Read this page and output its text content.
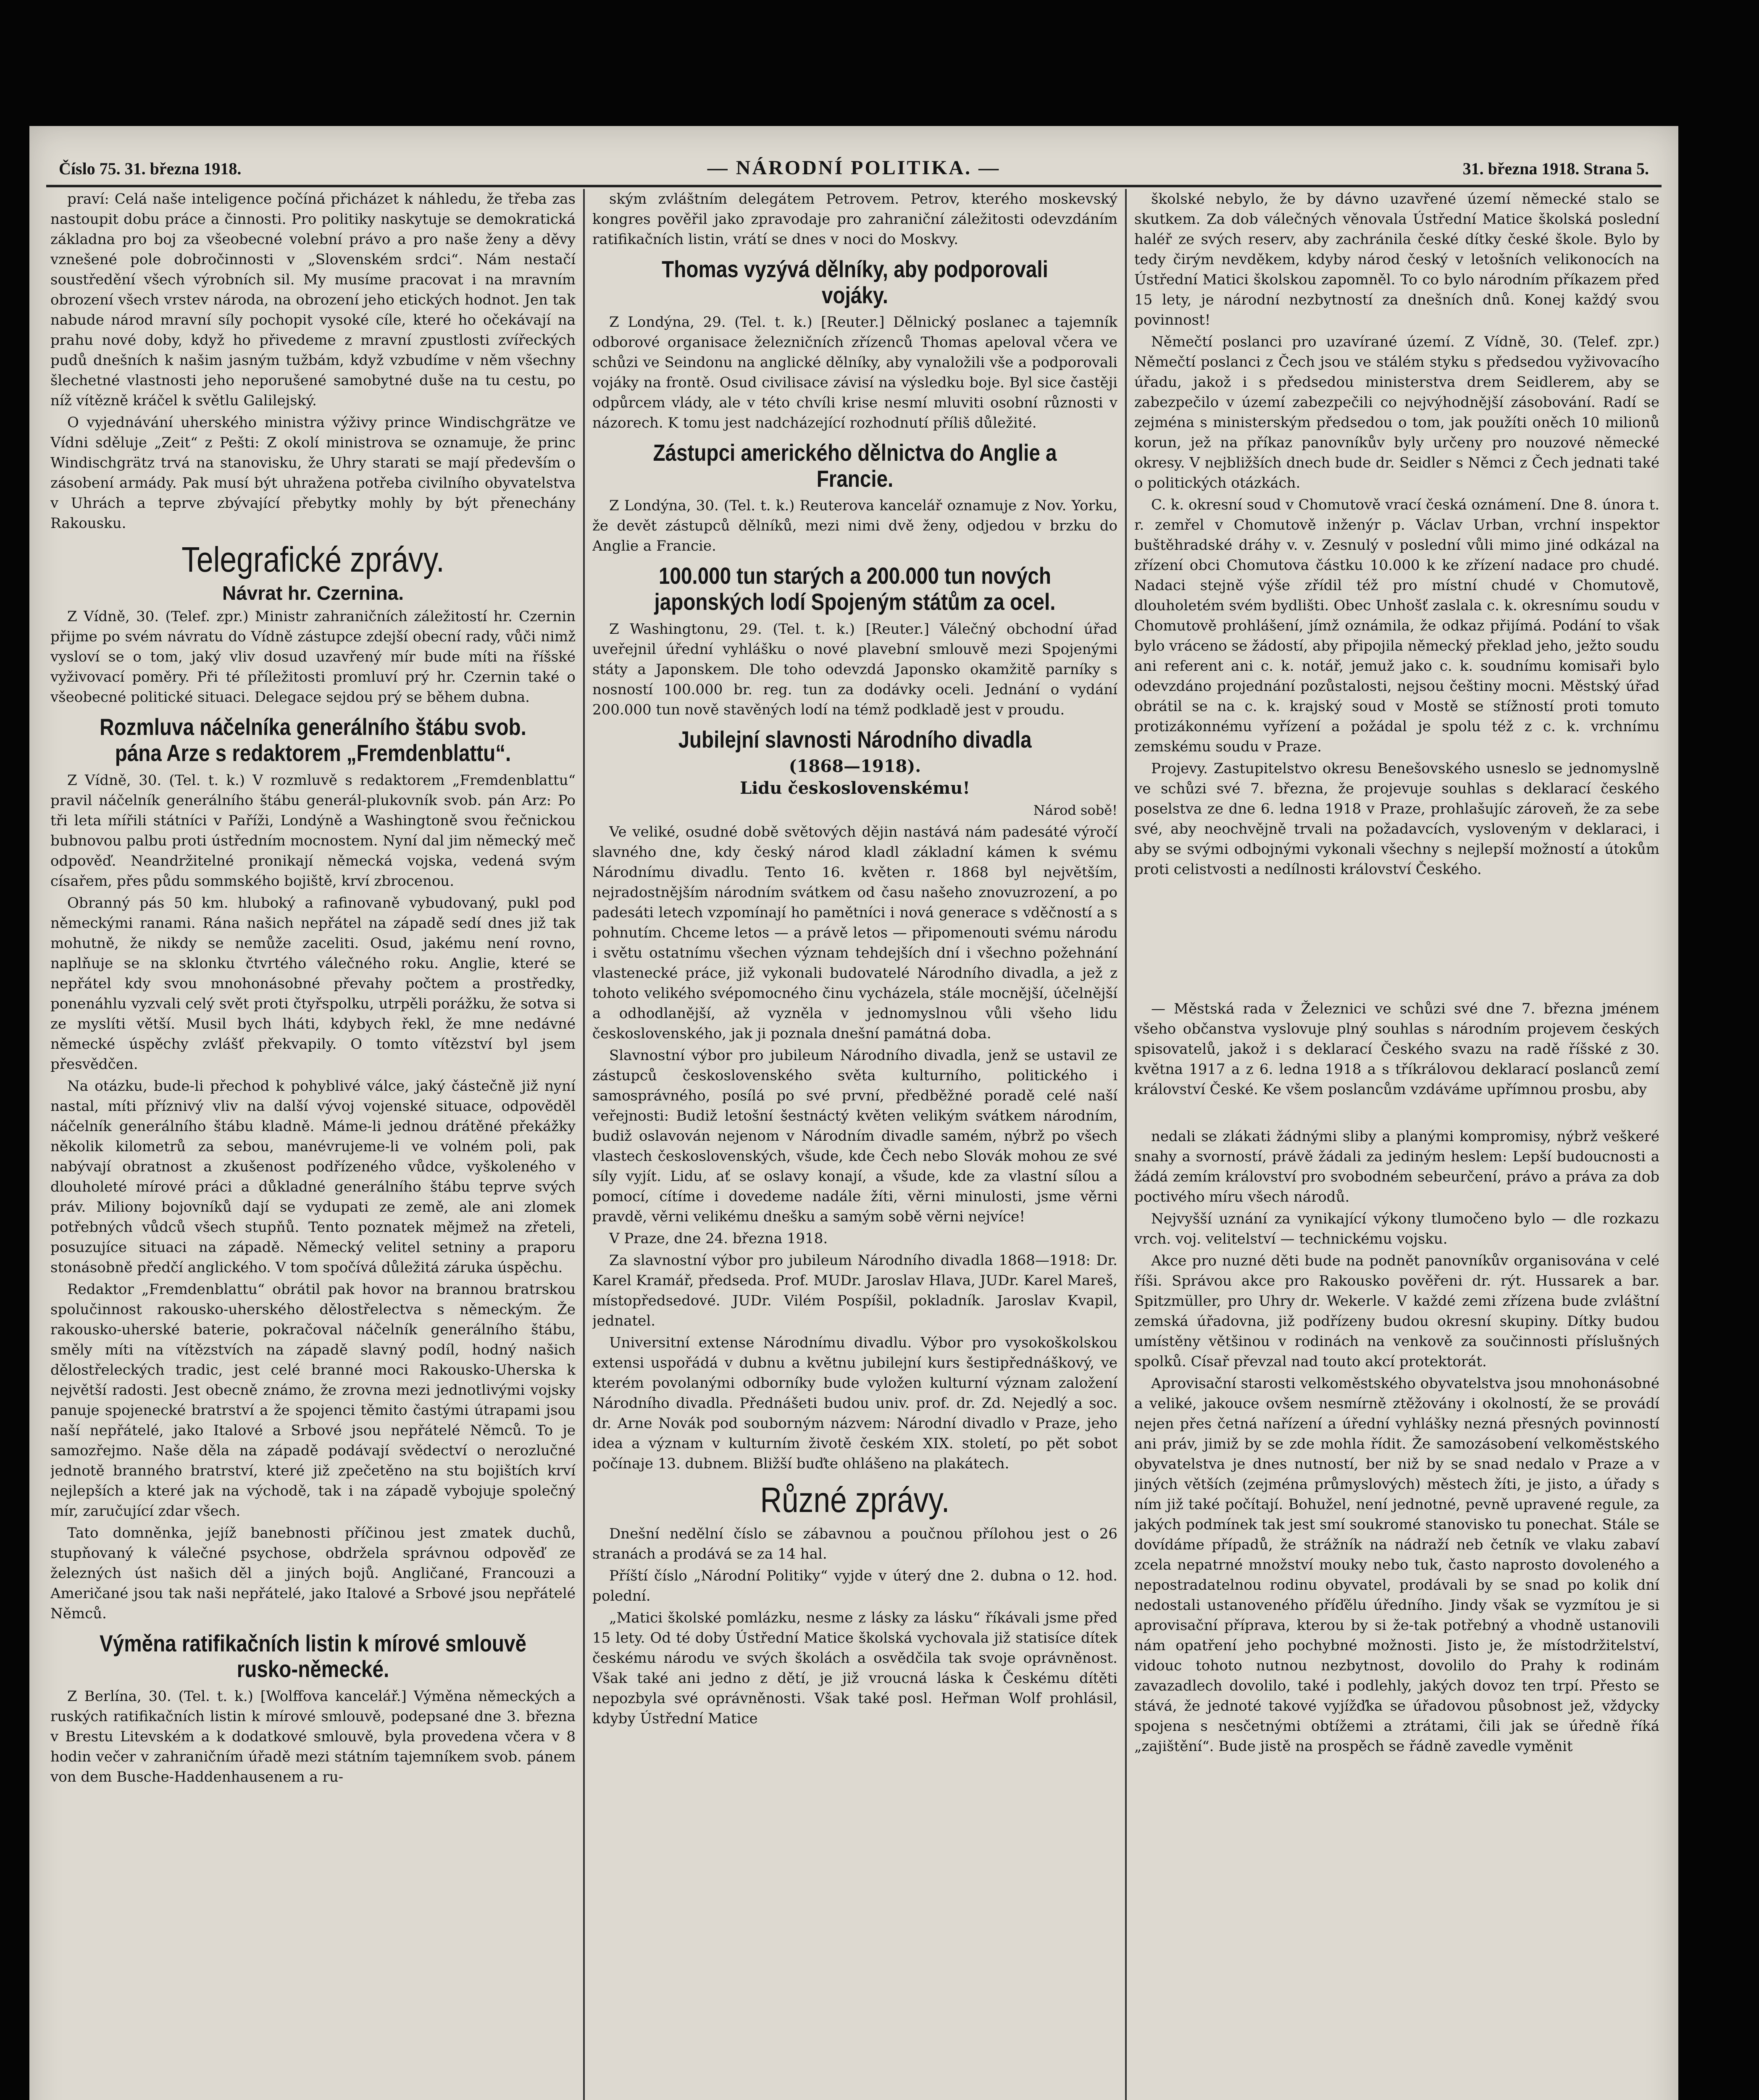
Číslo 75. 31. března 1918.	— NÁRODNÍ POLITIKA. —	31. března 1918. Strana 5.

praví: Celá naše inteligence počíná přicházet k náhledu, že třeba zas nastoupit dobu práce a činnosti. Pro politiky naskytuje se demokratická základna pro boj za všeobecné volební právo a pro naše ženy a děvy vznešené pole dobročinnosti v „Slovenském srdci“. Nám nestačí soustředění všech výrobních sil. My musíme pracovat i na mravním obrození všech vrstev národa, na obrození jeho etických hodnot. Jen tak nabude národ mravní síly pochopit vysoké cíle, které ho očekávají na prahu nové doby, když ho přivedeme z mravní zpustlosti zvířeckých pudů dnešních k našim jasným tužbám, když vzbudíme v něm všechny šlechetné vlastnosti jeho neporušené samobytné duše na tu cestu, po níž vítězně kráčel k světlu Galilejský.

O vyjednávání uherského ministra výživy prince Windischgrätze ve Vídni sděluje „Zeit“ z Pešti: Z okolí ministrova se oznamuje, že princ Windischgrätz trvá na stanovisku, že Uhry starati se mají především o zásobení armády. Pak musí být uhražena potřeba civilního obyvatelstva v Uhrách a teprve zbývající přebytky mohly by být přenechány Rakousku.

Telegrafické zprávy.
Návrat hr. Czernina.

Z Vídně, 30. (Telef. zpr.) Ministr zahraničních záležitostí hr. Czernin přijme po svém návratu do Vídně zástupce zdejší obecní rady, vůči nimž vysloví se o tom, jaký vliv dosud uzavřený mír bude míti na říšské vyživovací poměry. Při té příležitosti promluví prý hr. Czernin také o všeobecné politické situaci. Delegace sejdou prý se během dubna.

Rozmluva náčelníka generálního štábu svob. pána Arze s redaktorem „Fremdenblattu“.

Z Vídně, 30. (Tel. t. k.) V rozmluvě s redaktorem „Fremdenblattu“ pravil náčelník generálního štábu generál-plukovník svob. pán Arz: Po tři leta mířili státníci v Paříži, Londýně a Washingtoně svou řečnickou bubnovou palbu proti ústředním mocnostem. Nyní dal jim německý meč odpověď. Neandržitelné pronikají německá vojska, vedená svým císařem, přes půdu sommského bojiště, krví zbrocenou.

Obranný pás 50 km. hluboký a rafinovaně vybudovaný, pukl pod německými ranami. Rána našich nepřátel na západě sedí dnes již tak mohutně, že nikdy se nemůže zaceliti. Osud, jakému není rovno, naplňuje se na sklonku čtvrtého válečného roku. Anglie, které se nepřátel kdy svou mnohonásobné převahy počtem a prostředky, ponenáhlu vyzvali celý svět proti čtyřspolku, utrpěli porážku, že sotva si ze myslíti větší. Musil bych lháti, kdybych řekl, že mne nedávné německé úspěchy zvlášť překvapily. O tomto vítězství byl jsem přesvědčen.

Na otázku, bude-li přechod k pohyblivé válce, jaký částečně již nyní nastal, míti příznivý vliv na další vývoj vojenské situace, odpověděl náčelník generálního štábu kladně. Máme-li jednou drátěné překážky několik kilometrů za sebou, manévrujeme-li ve volném poli, pak nabývají obratnost a zkušenost podřízeného vůdce, vyškoleného v dlouholeté mírové práci a důkladné generálního štábu teprve svých práv. Miliony bojovníků dají se vydupati ze země, ale ani zlomek potřebných vůdců všech stupňů. Tento poznatek mějmež na zřeteli, posuzujíce situaci na západě. Německý velitel setniny a praporu stonásobně předčí anglického. V tom spočívá důležitá záruka úspěchu.

Redaktor „Fremdenblattu“ obrátil pak hovor na brannou bratrskou spolučinnost rakousko-uherského dělostřelectva s německým. Že rakousko-uherské baterie, pokračoval náčelník generálního štábu, směly míti na vítězstvích na západě slavný podíl, hodný našich dělostřeleckých tradic, jest celé branné moci Rakousko-Uherska k největší radosti. Jest obecně známo, že zrovna mezi jednotlivými vojsky panuje spojenecké bratrství a že spojenci těmito častými útrapami jsou naší nepřátelé, jako Italové a Srbové jsou nepřátelé Němců. To je samozřejmo. Naše děla na západě podávají svědectví o nerozlučné jednotě branného bratrství, které již zpečetěno na stu bojištích krví nejlepších a které jak na východě, tak i na západě vybojuje společný mír, zaručující zdar všech.

Tato domněnka, jejíž banebnosti příčinou jest zmatek duchů, stupňovaný k válečné psychose, obdržela správnou odpověď ze železných úst našich děl a jiných bojů. Angličané, Francouzi a Američané jsou tak naši nepřátelé, jako Italové a Srbové jsou nepřátelé Němců.

Výměna ratifikačních listin k mírové smlouvě rusko-německé.

Z Berlína, 30. (Tel. t. k.) [Wolffova kancelář.] Výměna německých a ruských ratifikačních listin k mírové smlouvě, podepsané dne 3. března v Brestu Litevském a k dodatkové smlouvě, byla provedena včera v 8 hodin večer v zahraničním úřadě mezi státním tajemníkem svob. pánem von dem Busche-Haddenhausenem a ru-

ským zvláštním delegátem Petrovem. Petrov, kterého moskevský kongres pověřil jako zpravodaje pro zahraniční záležitosti odevzdáním ratifikačních listin, vrátí se dnes v noci do Moskvy.

Thomas vyzývá dělníky, aby podporovali vojáky.

Z Londýna, 29. (Tel. t. k.) [Reuter.] Dělnický poslanec a tajemník odborové organisace železničních zřízenců Thomas apeloval včera ve schůzi ve Seindonu na anglické dělníky, aby vynaložili vše a podporovali vojáky na frontě. Osud civilisace závisí na výsledku boje. Byl sice častěji odpůrcem vlády, ale v této chvíli krise nesmí mluviti osobní různosti v názorech. K tomu jest nadcházející rozhodnutí příliš důležité.

Zástupci amerického dělnictva do Anglie a Francie.

Z Londýna, 30. (Tel. t. k.) Reuterova kancelář oznamuje z Nov. Yorku, že devět zástupců dělníků, mezi nimi dvě ženy, odjedou v brzku do Anglie a Francie.

100.000 tun starých a 200.000 tun nových japonských lodí Spojeným státům za ocel.

Z Washingtonu, 29. (Tel. t. k.) [Reuter.] Válečný obchodní úřad uveřejnil úřední vyhlášku o nové plavební smlouvě mezi Spojenými státy a Japonskem. Dle toho odevzdá Japonsko okamžitě parníky s nosností 100.000 br. reg. tun za dodávky oceli. Jednání o vydání 200.000 tun nově stavěných lodí na témž podkladě jest v proudu.

Jubilejní slavnosti Národního divadla
(1868—1918).
Lidu československému!
Národ sobě!

Ve veliké, osudné době světových dějin nastává nám padesáté výročí slavného dne, kdy český národ kladl základní kámen k svému Národnímu divadlu. Tento 16. květen r. 1868 byl největším, nejradostnějším národním svátkem od času našeho znovuzrození, a po padesáti letech vzpomínají ho pamětníci i nová generace s vděčností a s pohnutím. Chceme letos — a právě letos — připomenouti svému národu i světu ostatnímu všechen význam tehdejších dní i všechno požehnání vlastenecké práce, již vykonali budovatelé Národního divadla, a jež z tohoto velikého svépomocného činu vycházela, stále mocnější, účelnější a odhodlanější, až vyzněla v jednomyslnou vůli všeho lidu československého, jak ji poznala dnešní památná doba.

Slavnostní výbor pro jubileum Národního divadla, jenž se ustavil ze zástupců československého světa kulturního, politického i samosprávného, posílá po své první, předběžné poradě celé naší veřejnosti: Budiž letošní šestnáctý květen velikým svátkem národním, budiž oslavován nejenom v Národním divadle samém, nýbrž po všech vlastech československých, všude, kde Čech nebo Slovák mohou ze své síly vyjít. Lidu, ať se oslavy konají, a všude, kde za vlastní sílou a pomocí, cítíme i dovedeme nadále žíti, věrni minulosti, jsme věrni pravdě, věrni velikému dnešku a samým sobě věrni nejvíce!

V Praze, dne 24. března 1918.

Za slavnostní výbor pro jubileum Národního divadla 1868—1918: Dr. Karel Kramář, předseda. Prof. MUDr. Jaroslav Hlava, JUDr. Karel Mareš, místopředsedové. JUDr. Vilém Pospíšil, pokladník. Jaroslav Kvapil, jednatel.

Universitní extense Národnímu divadlu. Výbor pro vysokoškolskou extensi uspořádá v dubnu a květnu jubilejní kurs šestipřednáškový, ve kterém povolanými odborníky bude vyložen kulturní význam založení Národního divadla. Přednášeti budou univ. prof. dr. Zd. Nejedlý a soc. dr. Arne Novák pod souborným názvem: Národní divadlo v Praze, jeho idea a význam v kulturním životě českém XIX. století, po pět sobot počínaje 13. dubnem. Bližší buďte ohlášeno na plakátech.

Různé zprávy.

Dnešní nedělní číslo se zábavnou a poučnou přílohou jest o 26 stranách a prodává se za 14 hal.

Příští číslo „Národní Politiky“ vyjde v úterý dne 2. dubna o 12. hod. polední.

„Matici školské pomlázku, nesme z lásky za lásku“ říkávali jsme před 15 lety. Od té doby Ústřední Matice školská vychovala již statisíce dítek českému národu ve svých školách a osvědčila tak svoje oprávněnost. Však také ani jedno z dětí, je již vroucná láska k Českému dítěti nepozbyla své oprávněnosti. Však také posl. Heřman Wolf prohlásil, kdyby Ústřední Matice

školské nebylo, že by dávno uzavřené území německé stalo se skutkem. Za dob válečných věnovala Ústřední Matice školská poslední haléř ze svých reserv, aby zachránila české dítky české škole. Bylo by tedy čirým nevděkem, kdyby národ český v letošních velikonocích na Ústřední Matici školskou zapomněl. To co bylo národním příkazem před 15 lety, je národní nezbytností za dnešních dnů. Konej každý svou povinnost!

Němečtí poslanci pro uzavírané území. Z Vídně, 30. (Telef. zpr.) Němečtí poslanci z Čech jsou ve stálém styku s předsedou vyživovacího úřadu, jakož i s předsedou ministerstva drem Seidlerem, aby se zabezpečilo v území zabezpečili co nejvýhodnější zásobování. Radí se zejména s ministerským předsedou o tom, jak použíti oněch 10 milionů korun, jež na příkaz panovníkův byly určeny pro nouzové německé okresy. V nejbližších dnech bude dr. Seidler s Němci z Čech jednati také o politických otázkách.

C. k. okresní soud v Chomutově vrací česká oznámení. Dne 8. února t. r. zemřel v Chomutově inženýr p. Václav Urban, vrchní inspektor buštěhradské dráhy v. v. Zesnulý v poslední vůli mimo jiné odkázal na zřízení obci Chomutova částku 10.000 k ke zřízení nadace pro chudé. Nadaci stejně výše zřídil též pro místní chudé v Chomutově, dlouholetém svém bydlišti. Obec Unhošť zaslala c. k. okresnímu soudu v Chomutově prohlášení, jímž oznámila, že odkaz přijímá. Podání to však bylo vráceno se žádostí, aby připojila německý překlad jeho, ježto soudu ani referent ani c. k. notář, jemuž jako c. k. soudnímu komisaři bylo odevzdáno projednání pozůstalosti, nejsou češtiny mocni. Městský úřad obrátil se na c. k. krajský soud v Mostě se stížností proti tomuto protizákonnému vyřízení a požádal je spolu též z c. k. vrchnímu zemskému soudu v Praze.

Projevy. Zastupitelstvo okresu Benešovského usneslo se jednomyslně ve schůzi své 7. března, že projevuje souhlas s deklarací českého poselstva ze dne 6. ledna 1918 v Praze, prohlašujíc zároveň, že za sebe své, aby neochvějně trvali na požadavcích, vysloveným v deklaraci, i aby se svými odbojnými vykonali všechny s nejlepší možností a útokům proti celistvosti a nedílnosti království Českého.

— Městská rada v Železnici ve schůzi své dne 7. března jménem všeho občanstva vyslovuje plný souhlas s národním projevem českých spisovatelů, jakož i s deklarací Českého svazu na radě říšské z 30. května 1917 a z 6. ledna 1918 a s tříkrálovou deklarací poslanců zemí království České. Ke všem poslancům vzdáváme upřímnou prosbu, aby

nedali se zlákati žádnými sliby a planými kompromisy, nýbrž veškeré snahy a svorností, právě žádali za jediným heslem: Lepší budoucnosti a žádá zemím království pro svobodném sebeurčení, právo a práva za dob poctivého míru všech národů.

Nejvyšší uznání za vynikající výkony tlumočeno bylo — dle rozkazu vrch. voj. velitelství — technickému vojsku.

Akce pro nuzné děti bude na podnět panovníkův organisována v celé říši. Správou akce pro Rakousko pověřeni dr. rýt. Hussarek a bar. Spitzmüller, pro Uhry dr. Wekerle. V každé zemi zřízena bude zvláštní zemská úřadovna, již podřízeny budou okresní skupiny. Dítky budou umístěny většinou v rodinách na venkově za součinnosti příslušných spolků. Císař převzal nad touto akcí protektorát.

Aprovisační starosti velkoměstského obyvatelstva jsou mnohonásobné a veliké, jakouce ovšem nesmírně ztěžovány i okolností, že se provádí nejen přes četná nařízení a úřední vyhlášky nezná přesných povinností ani práv, jimiž by se zde mohla řídit. Že samozásobení velkoměstského obyvatelstva je dnes nutností, ber niž by se snad nedalo v Praze a v jiných větších (zejména průmyslových) městech žíti, je jisto, a úřady s ním již také počítají. Bohužel, není jednotné, pevně upravené regule, za jakých podmínek tak jest smí soukromé stanovisko tu ponechat. Stále se dovídáme případů, že strážník na nádraží neb četník ve vlaku zabaví zcela nepatrné množství mouky nebo tuk, často naprosto dovoleného a nepostradatelnou rodinu obyvatel, prodávali by se snad po kolik dní nedostali ustanoveného příďělu úředního. Jindy však se vyzmítou je si aprovisační příprava, kterou by si že-tak potřebný a vhodně ustanovili nám opatření jeho pochybné možnosti. Jisto je, že místodržitelství, vidouc tohoto nutnou nezbytnost, dovolilo do Prahy k rodinám zavazadlech dovolilo, také i podlehly, jakých dovoz ten trpí. Přesto se stává, že jednoté takové vyjížďka se úřadovou působnost jež, vždycky spojena s nesčetnými obtížemi a ztrátami, čili jak se úředně říká „zajištění“. Bude jistě na prospěch se řádně zavedle vyměnit
